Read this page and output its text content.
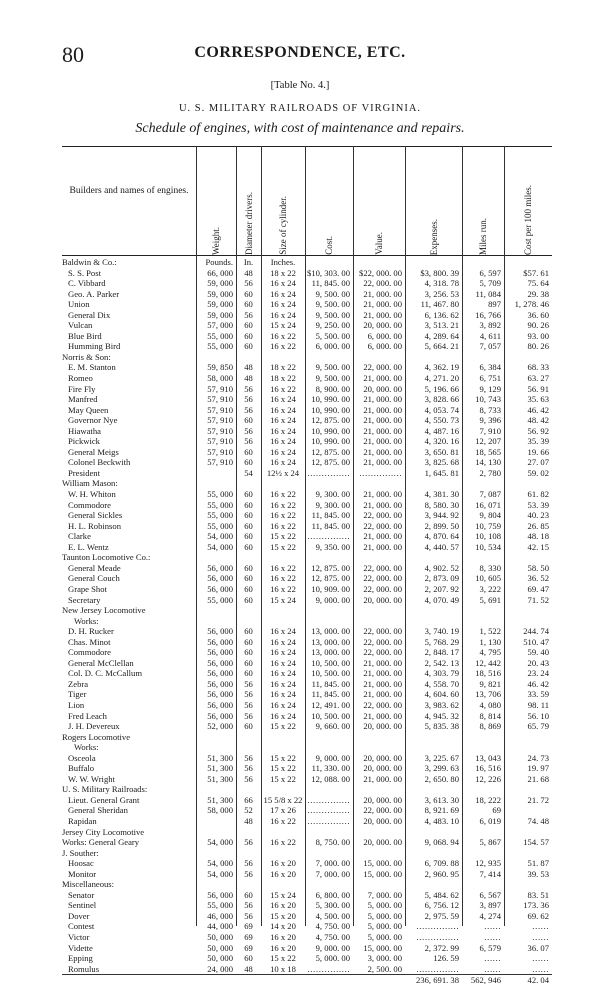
80	CORRESPONDENCE, ETC.
[Table No. 4.]
U. S. MILITARY RAILROADS OF VIRGINIA.
Schedule of engines, with cost of maintenance and repairs.
Builders and names of engines.
Weight.	Diameter drivers.	Size of cylinder.	Cost.	Value.	Expenses.	Miles run.	Cost per 100 miles.
Baldwin & Co.:	Pounds.	In.	Inches.					
S. S. Post	66, 000	48	18 x 22	$10, 303. 00	$22, 000. 00	$3, 800. 39	6, 597	$57. 61
C. Vibbard	59, 000	56	16 x 24	11, 845. 00	22, 000. 00	4, 318. 78	5, 709	75. 64
Geo. A. Parker	59, 000	60	16 x 24	9, 500. 00	21, 000. 00	3, 256. 53	11, 084	29. 38
Union	59, 000	60	16 x 24	9, 500. 00	21, 000. 00	11, 467. 80	897	1, 278. 46
General Dix	59, 000	56	16 x 24	9, 500. 00	21, 000. 00	6, 136. 62	16, 766	36. 60
Vulcan	57, 000	60	15 x 24	9, 250. 00	20, 000. 00	3, 513. 21	3, 892	90. 26
Blue Bird	55, 000	60	16 x 22	5, 500. 00	6, 000. 00	4, 289. 64	4, 611	93. 00
Humming Bird	55, 000	60	16 x 22	6, 000. 00	6, 000. 00	5, 664. 21	7, 057	80. 26
Norris & Son:								
E. M. Stanton	59, 850	48	18 x 22	9, 500. 00	22, 000. 00	4, 362. 19	6, 384	68. 33
Romeo	58, 000	48	18 x 22	9, 500. 00	21, 000. 00	4, 271. 20	6, 751	63. 27
Fire Fly	57, 910	56	16 x 22	8, 900. 00	20, 000. 00	5, 196. 66	9, 129	56. 91
Manfred	57, 910	56	16 x 24	10, 990. 00	21, 000. 00	3, 828. 66	10, 743	35. 63
May Queen	57, 910	56	16 x 24	10, 990. 00	21, 000. 00	4, 053. 74	8, 733	46. 42
Governor Nye	57, 910	60	16 x 24	12, 875. 00	21, 000. 00	4, 550. 73	9, 396	48. 42
Hiawatha	57, 910	56	16 x 24	10, 990. 00	21, 000. 00	4, 487. 16	7, 910	56. 92
Pickwick	57, 910	56	16 x 24	10, 990. 00	21, 000. 00	4, 320. 16	12, 207	35. 39
General Meigs	57, 910	60	16 x 24	12, 875. 00	21, 000. 00	3, 650. 81	18, 565	19. 66
Colonel Beckwith	57, 910	60	16 x 24	12, 875. 00	21, 000. 00	3, 825. 68	14, 130	27. 07
President		54	12½ x 24	……………	……………	1, 645. 81	2, 780	59. 02
William Mason:								
W. H. Whiton	55, 000	60	16 x 22	9, 300. 00	21, 000. 00	4, 381. 30	7, 087	61. 82
Commodore	55, 000	60	16 x 22	9, 300. 00	21, 000. 00	8, 580. 30	16, 071	53. 39
General Sickles	55, 000	60	16 x 22	11, 845. 00	22, 000. 00	3, 944. 92	9, 804	40. 23
H. L. Robinson	55, 000	60	16 x 22	11, 845. 00	22, 000. 00	2, 899. 50	10, 759	26. 85
Clarke	54, 000	60	15 x 22	……………	21, 000. 00	4, 870. 64	10, 108	48. 18
E. L. Wentz	54, 000	60	15 x 22	9, 350. 00	21, 000. 00	4, 440. 57	10, 534	42. 15
Taunton Locomotive Co.:								
General Meade	56, 000	60	16 x 22	12, 875. 00	22, 000. 00	4, 902. 52	8, 330	58. 50
General Couch	56, 000	60	16 x 22	12, 875. 00	22, 000. 00	2, 873. 09	10, 605	36. 52
Grape Shot	56, 000	60	16 x 22	10, 909. 00	22, 000. 00	2, 207. 92	3, 222	69. 47
Secretary	55, 000	60	15 x 24	9, 000. 00	20, 000. 00	4, 070. 49	5, 691	71. 52
New Jersey Locomotive								
Works:								
D. H. Rucker	56, 000	60	16 x 24	13, 000. 00	22, 000. 00	3, 740. 19	1, 522	244. 74
Chas. Minot	56, 000	60	16 x 24	13, 000. 00	22, 000. 00	5, 768. 29	1, 130	510. 47
Commodore	56, 000	60	16 x 24	13, 000. 00	22, 000. 00	2, 848. 17	4, 795	59. 40
General McClellan	56, 000	60	16 x 24	10, 500. 00	21, 000. 00	2, 542. 13	12, 442	20. 43
Col. D. C. McCallum	56, 000	60	16 x 24	10, 500. 00	21, 000. 00	4, 303. 79	18, 516	23. 24
Zebra	56, 000	56	16 x 24	11, 845. 00	21, 000. 00	4, 558. 70	9, 821	46. 42
Tiger	56, 000	56	16 x 24	11, 845. 00	21, 000. 00	4, 604. 60	13, 706	33. 59
Lion	56, 000	56	16 x 24	12, 491. 00	22, 000. 00	3, 983. 62	4, 080	98. 11
Fred Leach	56, 000	56	16 x 24	10, 500. 00	21, 000. 00	4, 945. 32	8, 814	56. 10
J. H. Devereux	52, 000	60	15 x 22	9, 660. 00	20, 000. 00	5, 835. 38	8, 869	65. 79
Rogers Locomotive								
Works:								
Osceola	51, 300	56	15 x 22	9, 000. 00	20, 000. 00	3, 225. 67	13, 043	24. 73
Buffalo	51, 300	56	15 x 22	11, 330. 00	20, 000. 00	3, 299. 63	16, 516	19. 97
W. W. Wright	51, 300	56	15 x 22	12, 088. 00	21, 000. 00	2, 650. 80	12, 226	21. 68
U. S. Military Railroads:								
Lieut. General Grant	51, 300	66	15 5/8 x 22	……………	20, 000. 00	3, 613. 30	18, 222	21. 72
General Sheridan	58, 000	52	17 x 26	……………	22, 000. 00	8, 921. 69	69	
Rapidan		48	16 x 22	……………	20, 000. 00	4, 483. 10	6, 019	74. 48
Jersey City Locomotive								
Works: General Geary	54, 000	56	16 x 22	8, 750. 00	20, 000. 00	9, 068. 94	5, 867	154. 57
J. Souther:								
Hoosac	54, 000	56	16 x 20	7, 000. 00	15, 000. 00	6, 709. 88	12, 935	51. 87
Monitor	54, 000	56	16 x 20	7, 000. 00	15, 000. 00	2, 960. 95	7, 414	39. 53
Miscellaneous:								
Senator	56, 000	60	15 x 24	6, 800. 00	7, 000. 00	5, 484. 62	6, 567	83. 51
Sentinel	55, 000	56	16 x 20	5, 300. 00	5, 000. 00	6, 756. 12	3, 897	173. 36
Dover	46, 000	56	15 x 20	4, 500. 00	5, 000. 00	2, 975. 59	4, 274	69. 62
Contest	44, 000	69	14 x 20	4, 750. 00	5, 000. 00	……………	……	……
Victor	50, 000	69	16 x 20	4, 750. 00	5, 000. 00	……………	……	……
Vidette	50, 000	69	16 x 20	9, 000. 00	15, 000. 00	2, 372. 99	6, 579	36. 07
Epping	50, 000	60	15 x 22	5, 000. 00	3, 000. 00	126. 59	……	……
Romulus	24, 000	48	10 x 18	……………	2, 500. 00	……………	……	……
						236, 691. 38	562, 946	42. 04
